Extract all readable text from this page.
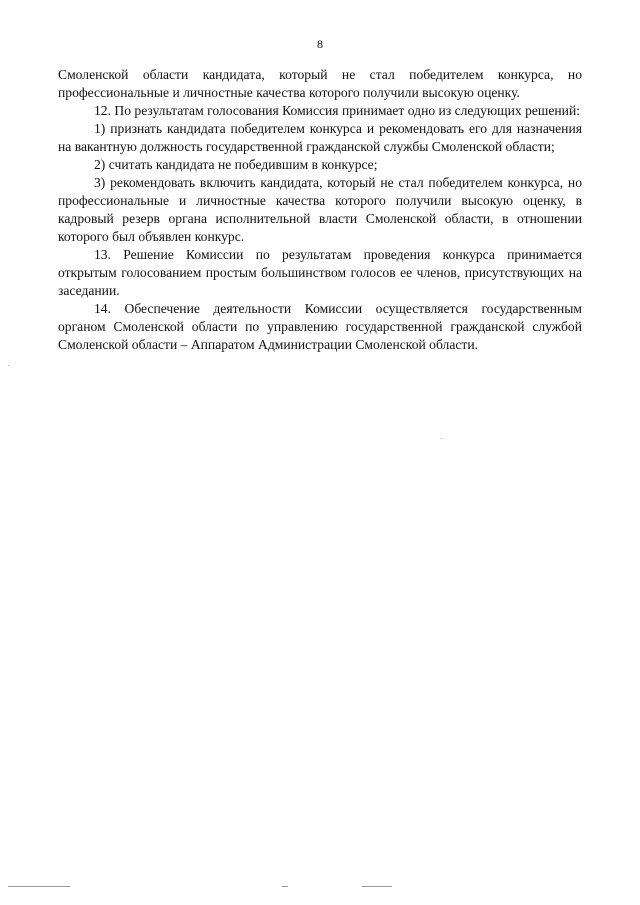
8

Смоленской области кандидата, который не стал победителем конкурса, но профессиональные и личностные качества которого получили высокую оценку.

12. По результатам голосования Комиссия принимает одно из следующих решений:

1) признать кандидата победителем конкурса и рекомендовать его для назначения на вакантную должность государственной гражданской службы Смоленской области;

2) считать кандидата не победившим в конкурсе;

3) рекомендовать включить кандидата, который не стал победителем конкурса, но профессиональные и личностные качества которого получили высокую оценку, в кадровый резерв органа исполнительной власти Смоленской области, в отношении которого был объявлен конкурс.

13. Решение Комиссии по результатам проведения конкурса принимается открытым голосованием простым большинством голосов ее членов, присутствующих на заседании.

14. Обеспечение деятельности Комиссии осуществляется государственным органом Смоленской области по управлению государственной гражданской службой Смоленской области – Аппаратом Администрации Смоленской области.
